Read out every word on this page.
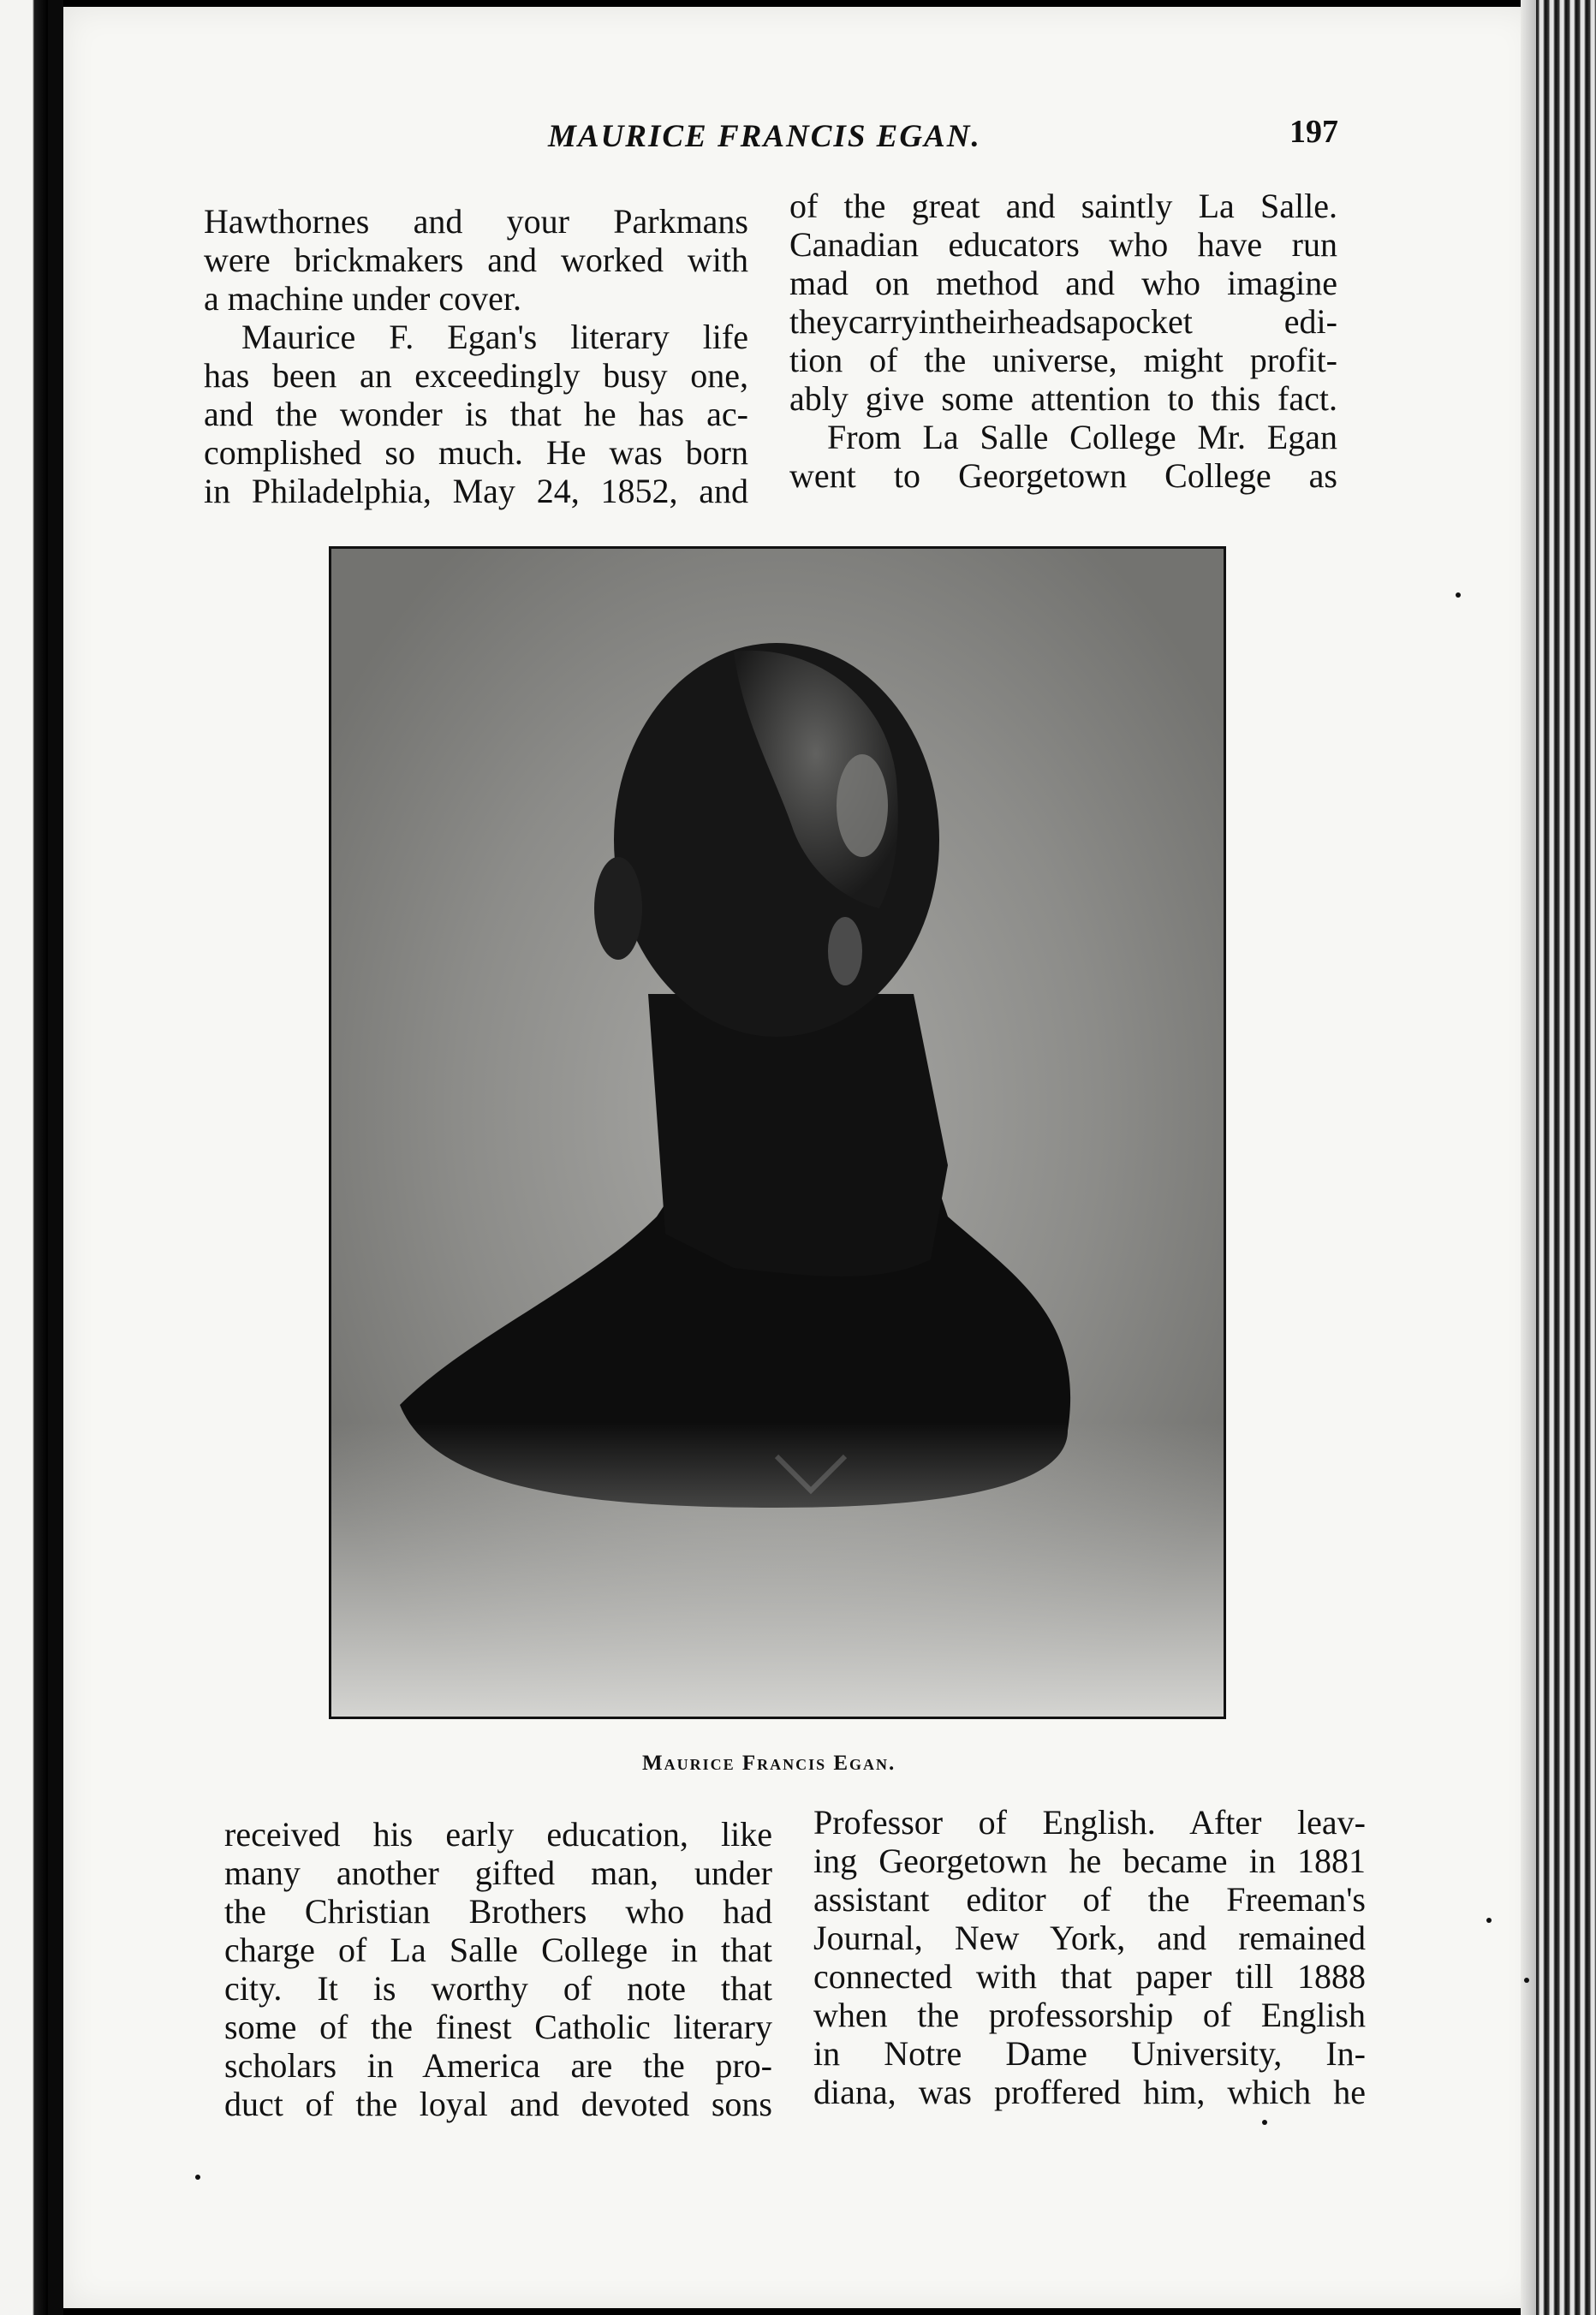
MAURICE FRANCIS EGAN.	197
Hawthornes and your Parkmans
were brickmakers and worked with
a machine under cover.
Maurice F. Egan's literary life
has been an exceedingly busy one,
and the wonder is that he has ac-
complished so much. He was born
in Philadelphia, May 24, 1852, and
of the great and saintly La Salle.
Canadian educators who have run
mad on method and who imagine
theycarryintheirheadsapocket edi-
tion of the universe, might profit-
ably give some attention to this fact.
From La Salle College Mr. Egan
went to Georgetown College as
Maurice Francis Egan.
received his early education, like
many another gifted man, under
the Christian Brothers who had
charge of La Salle College in that
city. It is worthy of note that
some of the finest Catholic literary
scholars in America are the pro-
duct of the loyal and devoted sons
Professor of English. After leav-
ing Georgetown he became in 1881
assistant editor of the Freeman's
Journal, New York, and remained
connected with that paper till 1888
when the professorship of English
in Notre Dame University, In-
diana, was proffered him, which he
